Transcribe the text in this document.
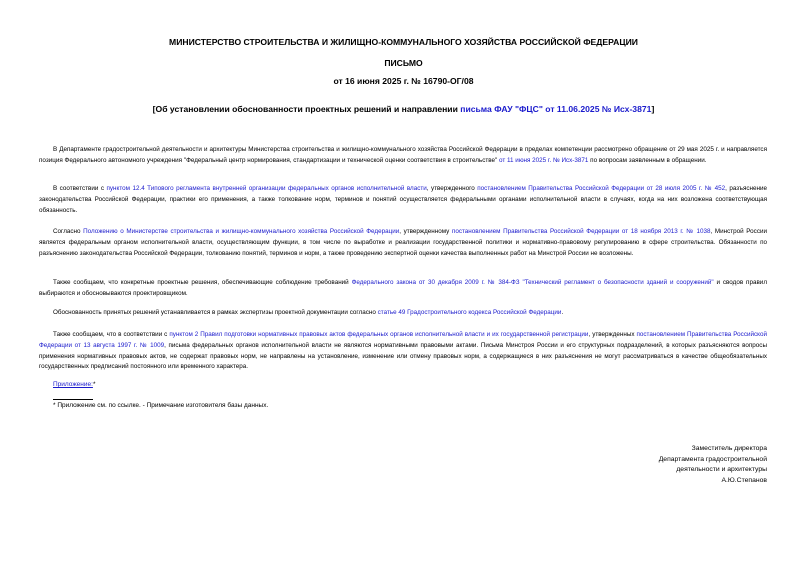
МИНИСТЕРСТВО СТРОИТЕЛЬСТВА И ЖИЛИЩНО-КОММУНАЛЬНОГО ХОЗЯЙСТВА РОССИЙСКОЙ ФЕДЕРАЦИИ
ПИСЬМО
от 16 июня 2025 г. № 16790-ОГ/08
[Об установлении обоснованности проектных решений и направлении письма ФАУ "ФЦС" от 11.06.2025 № Исх-3871]

В Департаменте градостроительной деятельности и архитектуры Министерства строительства и жилищно-коммунального хозяйства Российской Федерации в пределах компетенции рассмотрено обращение от 29 мая 2025 г. и направляется позиция Федерального автономного учреждения "Федеральный центр нормирования, стандартизации и технической оценки соответствия в строительстве" от 11 июня 2025 г. № Исх-3871 по вопросам заявленным в обращении.

В соответствии с пунктом 12.4 Типового регламента внутренней организации федеральных органов исполнительной власти, утвержденного постановлением Правительства Российской Федерации от 28 июля 2005 г. № 452, разъяснение законодательства Российской Федерации, практики его применения, а также толкование норм, терминов и понятий осуществляется федеральными органами исполнительной власти в случаях, когда на них возложена соответствующая обязанность.

Согласно Положению о Министерстве строительства и жилищно-коммунального хозяйства Российской Федерации, утвержденному постановлением Правительства Российской Федерации от 18 ноября 2013 г. № 1038, Минстрой России является федеральным органом исполнительной власти, осуществляющим функции, в том числе по выработке и реализации государственной политики и нормативно-правовому регулированию в сфере строительства. Обязанности по разъяснению законодательства Российской Федерации, толкованию понятий, терминов и норм, а также проведению экспертной оценки качества выполненных работ на Минстрой России не возложены.

Также сообщаем, что конкретные проектные решения, обеспечивающие соблюдение требований Федерального закона от 30 декабря 2009 г. № 384-ФЗ "Технический регламент о безопасности зданий и сооружений" и сводов правил выбираются и обосновываются проектировщиком.

Обоснованность принятых решений устанавливается в рамках экспертизы проектной документации согласно статье 49 Градостроительного кодекса Российской Федерации.

Также сообщаем, что в соответствии с пунктом 2 Правил подготовки нормативных правовых актов федеральных органов исполнительной власти и их государственной регистрации, утвержденных постановлением Правительства Российской Федерации от 13 августа 1997 г. № 1009, письма федеральных органов исполнительной власти не являются нормативными правовыми актами. Письма Минстроя России и его структурных подразделений, в которых разъясняются вопросы применения нормативных правовых актов, не содержат правовых норм, не направлены на установление, изменение или отмену правовых норм, а содержащиеся в них разъяснения не могут рассматриваться в качестве общеобязательных государственных предписаний постоянного или временного характера.

Приложение:*
* Приложение см. по ссылке. - Примечание изготовителя базы данных.
Заместитель директора
Департамента градостроительной
деятельности и архитектуры
А.Ю.Степанов
